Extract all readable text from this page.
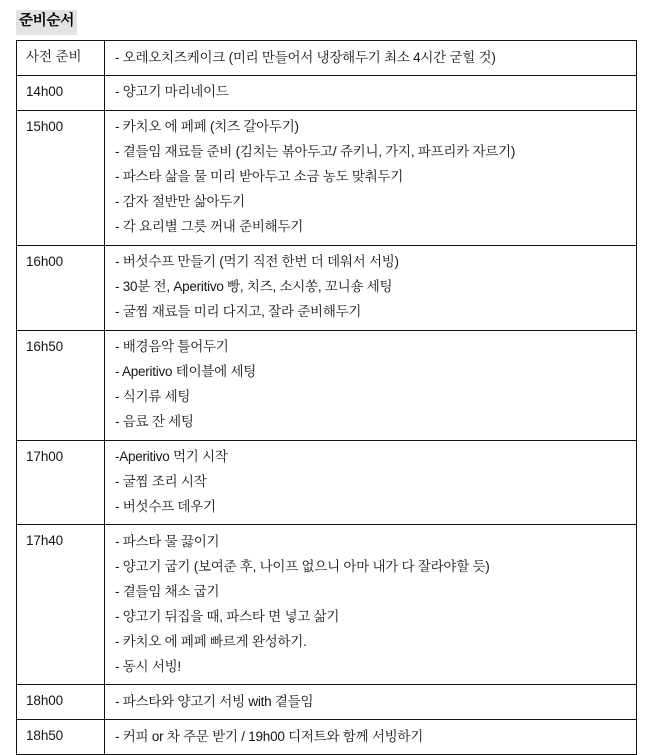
준비순서
사전 준비	- 오레오치즈케이크 (미리 만들어서 냉장해두기 최소 4시간 굳힐 것)

14h00	- 양고기 마리네이드

15h00	- 카치오 에 페페 (치즈 갈아두기)
- 곁들임 재료들 준비 (김치는 볶아두고/ 쥬키니, 가지, 파프리카 자르기)
- 파스타 삶을 물 미리 받아두고 소금 농도 맞춰두기
- 감자 절반만 삶아두기
- 각 요리별 그릇 꺼내 준비해두기

16h00	- 버섯수프 만들기 (먹기 직전 한번 더 데워서 서빙)
- 30분 전, Aperitivo 빵, 치즈, 소시쏭, 꼬니숑 세팅
- 굴찜 재료들 미리 다지고, 잘라 준비해두기

16h50	- 배경음악 틀어두기
- Aperitivo 테이블에 세팅
- 식기류 세팅
- 음료 잔 세팅

17h00	-Aperitivo 먹기 시작
- 굴찜 조리 시작
- 버섯수프 데우기

17h40	- 파스타 물 끓이기
- 양고기 굽기 (보여준 후, 나이프 없으니 아마 내가 다 잘라야할 듯)
- 곁들임 채소 굽기
- 양고기 뒤집을 때, 파스타 면 넣고 삶기
- 카치오 에 페페 빠르게 완성하기.
- 동시 서빙!

18h00	- 파스타와 양고기 서빙 with 곁들임

18h50	- 커피 or 차 주문 받기 / 19h00 디저트와 함께 서빙하기
